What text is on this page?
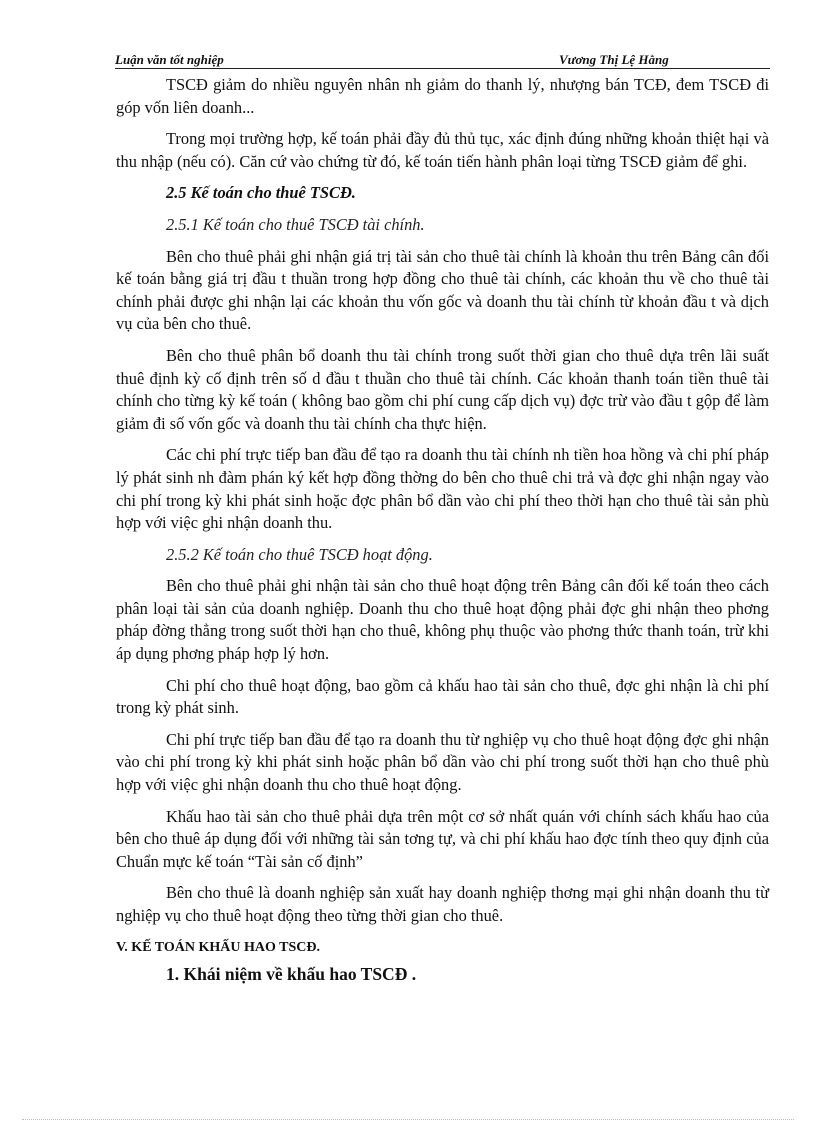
Luận văn tốt nghiệp	Vương Thị Lệ Hằng

TSCĐ giảm do nhiều nguyên nhân nh giảm do thanh lý, nhượng bán TCĐ, đem TSCĐ đi góp vốn liên doanh...

Trong mọi trường hợp, kế toán phải đầy đủ thủ tục, xác định đúng những khoản thiệt hại và thu nhập (nếu có). Căn cứ vào chứng từ đó, kế toán tiến hành phân loại từng TSCĐ giảm để ghi.

2.5 Kế toán cho thuê TSCĐ.
2.5.1 Kế toán cho thuê TSCĐ tài chính.

Bên cho thuê phải ghi nhận giá trị tài sản cho thuê tài chính là khoản thu trên Bảng cân đối kế toán bằng giá trị đầu t thuần trong hợp đồng cho thuê tài chính, các khoản thu về cho thuê tài chính phải được ghi nhận lại các khoản thu vốn gốc và doanh thu tài chính từ khoản đầu t và dịch vụ của bên cho thuê.

Bên cho thuê phân bổ doanh thu tài chính trong suốt thời gian cho thuê dựa trên lãi suất thuê định kỳ cố định trên số d đầu t thuần cho thuê tài chính. Các khoản thanh toán tiền thuê tài chính cho từng kỳ kế toán ( không bao gồm chi phí cung cấp dịch vụ) đợc trừ vào đầu t gộp để làm giảm đi số vốn gốc và doanh thu tài chính cha thực hiện.

Các chi phí trực tiếp ban đầu để tạo ra doanh thu tài chính nh tiền hoa hồng và chi phí pháp lý phát sinh nh đàm phán ký kết hợp đồng thờng do bên cho thuê chi trả và đợc ghi nhận ngay vào chi phí trong kỳ khi phát sinh hoặc đợc phân bổ dần vào chi phí theo thời hạn cho thuê tài sản phù hợp với việc ghi nhận doanh thu.

2.5.2 Kế toán cho thuê TSCĐ hoạt động.

Bên cho thuê phải ghi nhận tài sản cho thuê hoạt động trên Bảng cân đối kế toán theo cách phân loại tài sản của doanh nghiệp. Doanh thu cho thuê hoạt động phải đợc ghi nhận theo phơng pháp đờng thẳng trong suốt thời hạn cho thuê, không phụ thuộc vào phơng thức thanh toán, trừ khi áp dụng phơng pháp hợp lý hơn.

Chi phí cho thuê hoạt động, bao gồm cả khấu hao tài sản cho thuê, đợc ghi nhận là chi phí trong kỳ phát sinh.

Chi phí trực tiếp ban đầu để tạo ra doanh thu từ nghiệp vụ cho thuê hoạt động đợc ghi nhận vào chi phí trong kỳ khi phát sinh hoặc phân bổ dần vào chi phí trong suốt thời hạn cho thuê phù hợp với việc ghi nhận doanh thu cho thuê hoạt động.

Khấu hao tài sản cho thuê phải dựa trên một cơ sở nhất quán với chính sách khấu hao của bên cho thuê áp dụng đối với những tài sản tơng tự, và chi phí khấu hao đợc tính theo quy định của Chuẩn mực kế toán “Tài sản cố định”

Bên cho thuê là doanh nghiệp sản xuất hay doanh nghiệp thơng mại ghi nhận doanh thu từ nghiệp vụ cho thuê hoạt động theo từng thời gian cho thuê.

V. KẾ TOÁN KHẤU HAO TSCĐ.
1. Khái niệm về khấu hao TSCĐ .
